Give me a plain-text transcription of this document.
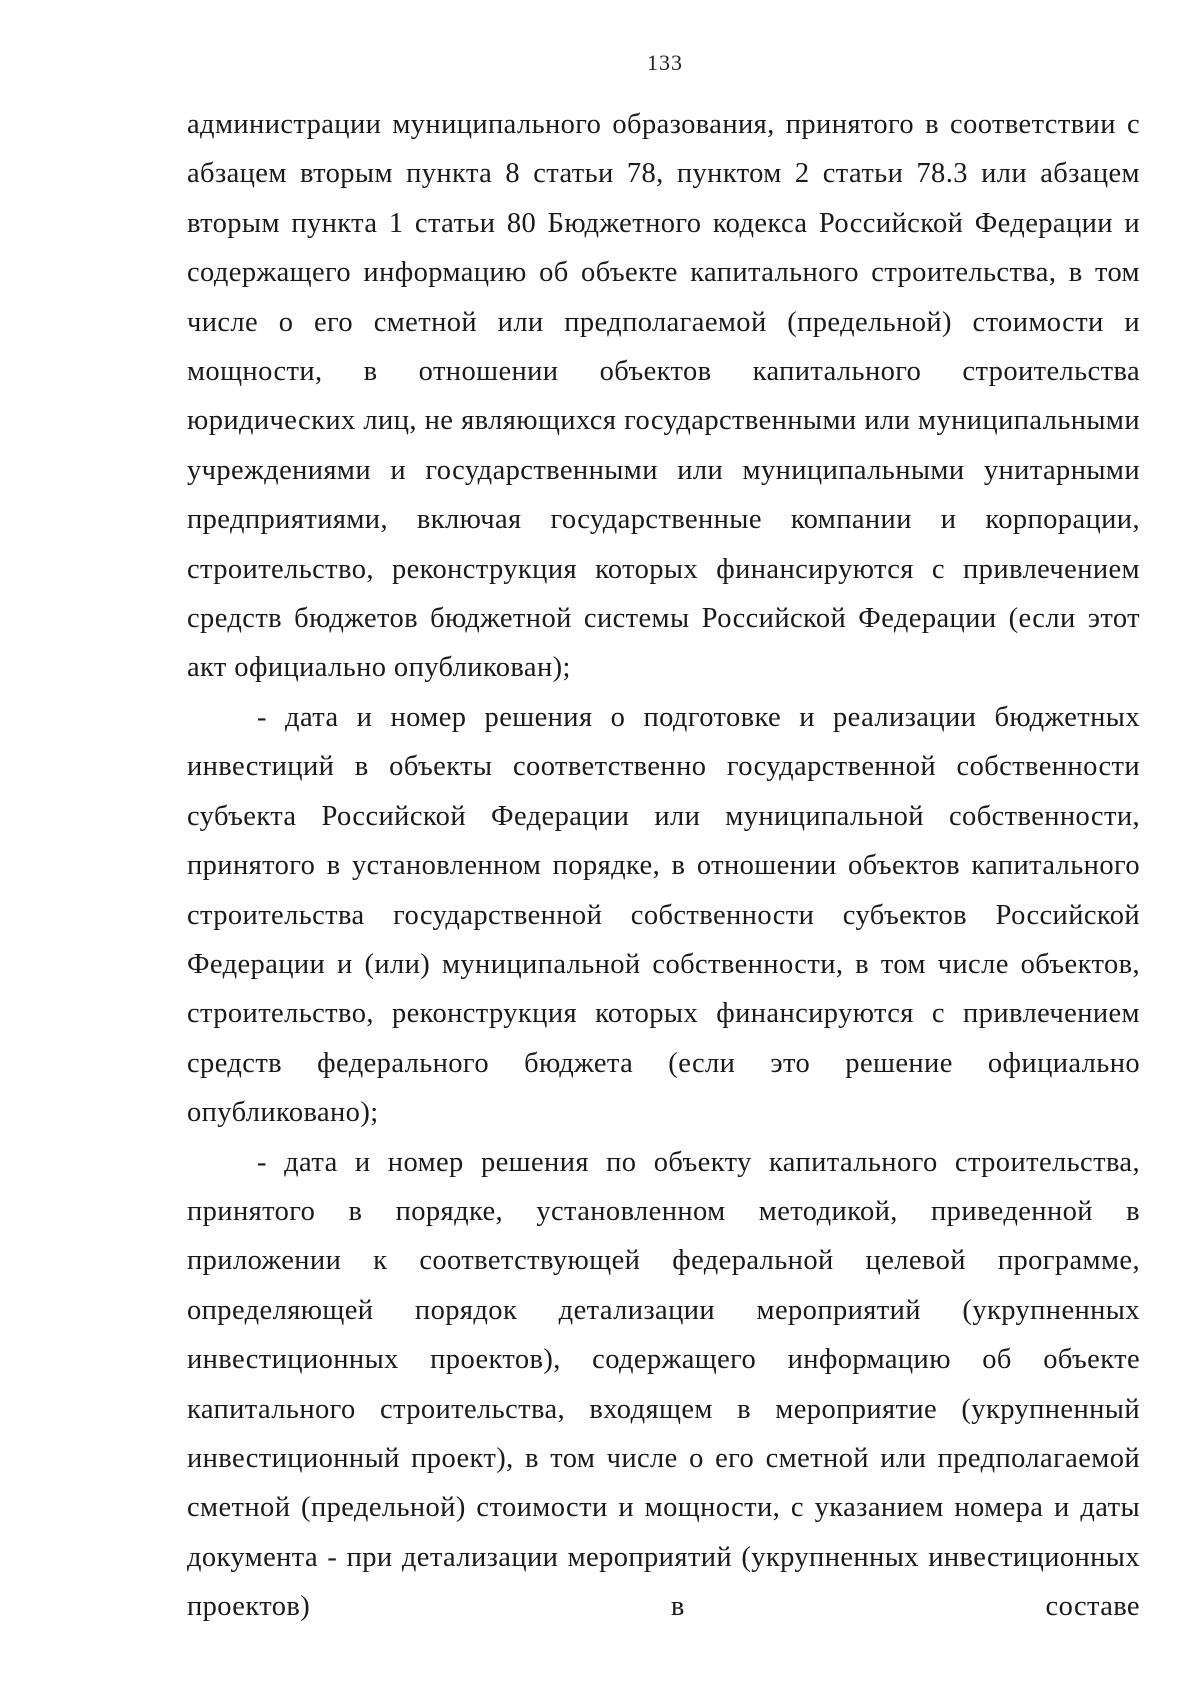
133

администрации муниципального образования, принятого в соответствии с абзацем вторым пункта 8 статьи 78, пунктом 2 статьи 78.3 или абзацем вторым пункта 1 статьи 80 Бюджетного кодекса Российской Федерации и содержащего информацию об объекте капитального строительства, в том числе о его сметной или предполагаемой (предельной) стоимости и мощности, в отношении объектов капитального строительства юридических лиц, не являющихся государственными или муниципальными учреждениями и государственными или муниципальными унитарными предприятиями, включая государственные компании и корпорации, строительство, реконструкция которых финансируются с привлечением средств бюджетов бюджетной системы Российской Федерации (если этот акт официально опубликован);

- дата и номер решения о подготовке и реализации бюджетных инвестиций в объекты соответственно государственной собственности субъекта Российской Федерации или муниципальной собственности, принятого в установленном порядке, в отношении объектов капитального строительства государственной собственности субъектов Российской Федерации и (или) муниципальной собственности, в том числе объектов, строительство, реконструкция которых финансируются с привлечением средств федерального бюджета (если это решение официально опубликовано);

- дата и номер решения по объекту капитального строительства, принятого в порядке, установленном методикой, приведенной в приложении к соответствующей федеральной целевой программе, определяющей порядок детализации мероприятий (укрупненных инвестиционных проектов), содержащего информацию об объекте капитального строительства, входящем в мероприятие (укрупненный инвестиционный проект), в том числе о его сметной или предполагаемой сметной (предельной) стоимости и мощности, с указанием номера и даты документа - при детализации мероприятий (укрупненных инвестиционных проектов) в составе
